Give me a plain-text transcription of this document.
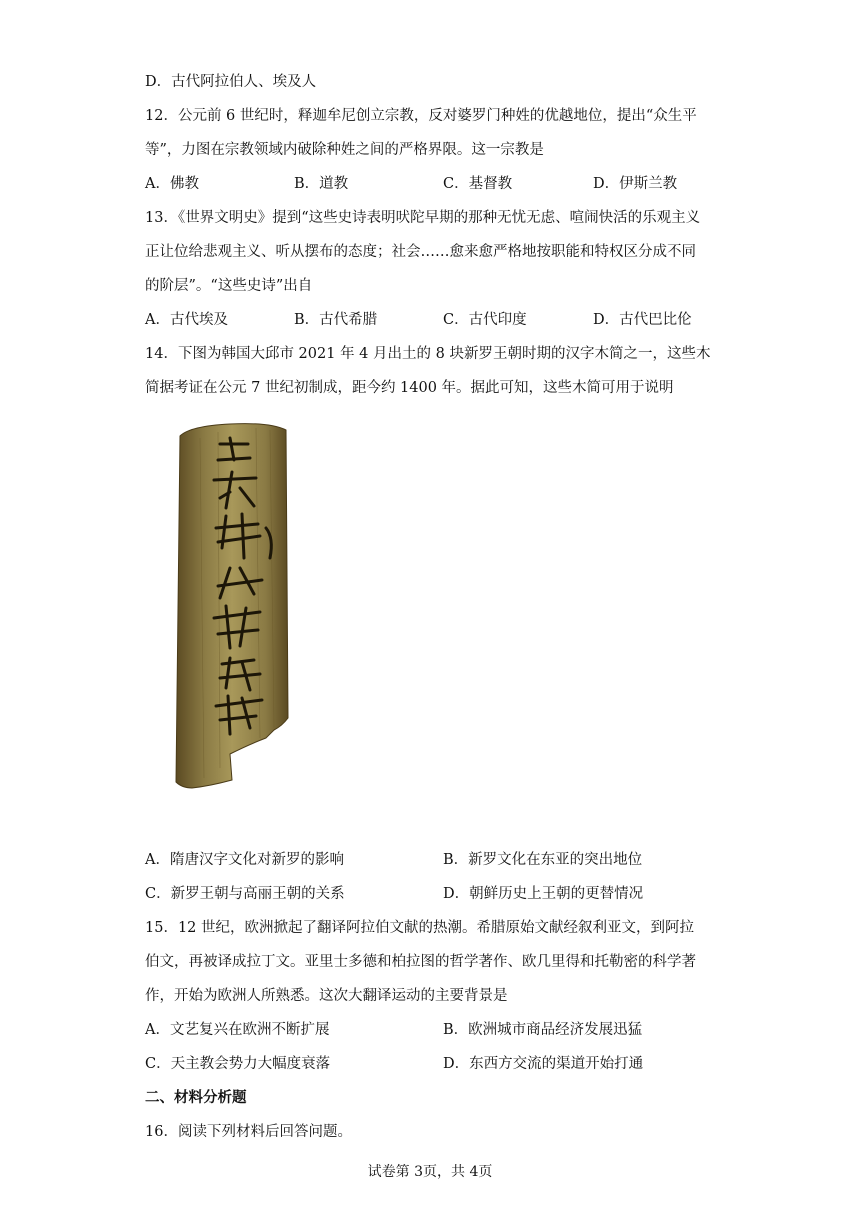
D．古代阿拉伯人、埃及人
12．公元前 6 世纪时，释迦牟尼创立宗教，反对婆罗门种姓的优越地位，提出“众生平
等”，力图在宗教领域内破除种姓之间的严格界限。这一宗教是
A．佛教	B．道教	C．基督教	D．伊斯兰教
13．《世界文明史》提到“这些史诗表明吠陀早期的那种无忧无虑、喧闹快活的乐观主义
正让位给悲观主义、听从摆布的态度；社会……愈来愈严格地按职能和特权区分成不同
的阶层”。“这些史诗”出自
A．古代埃及	B．古代希腊	C．古代印度	D．古代巴比伦
14．下图为韩国大邱市 2021 年 4 月出土的 8 块新罗王朝时期的汉字木简之一，这些木
简据考证在公元 7 世纪初制成，距今约 1400 年。据此可知，这些木简可用于说明
A．隋唐汉字文化对新罗的影响	B．新罗文化在东亚的突出地位
C．新罗王朝与高丽王朝的关系	D．朝鲜历史上王朝的更替情况
15．12 世纪，欧洲掀起了翻译阿拉伯文献的热潮。希腊原始文献经叙利亚文，到阿拉
伯文，再被译成拉丁文。亚里士多德和柏拉图的哲学著作、欧几里得和托勒密的科学著
作，开始为欧洲人所熟悉。这次大翻译运动的主要背景是
A．文艺复兴在欧洲不断扩展	B．欧洲城市商品经济发展迅猛
C．天主教会势力大幅度衰落	D．东西方交流的渠道开始打通
二、材料分析题
16．阅读下列材料后回答问题。
试卷第 3页，共 4页
